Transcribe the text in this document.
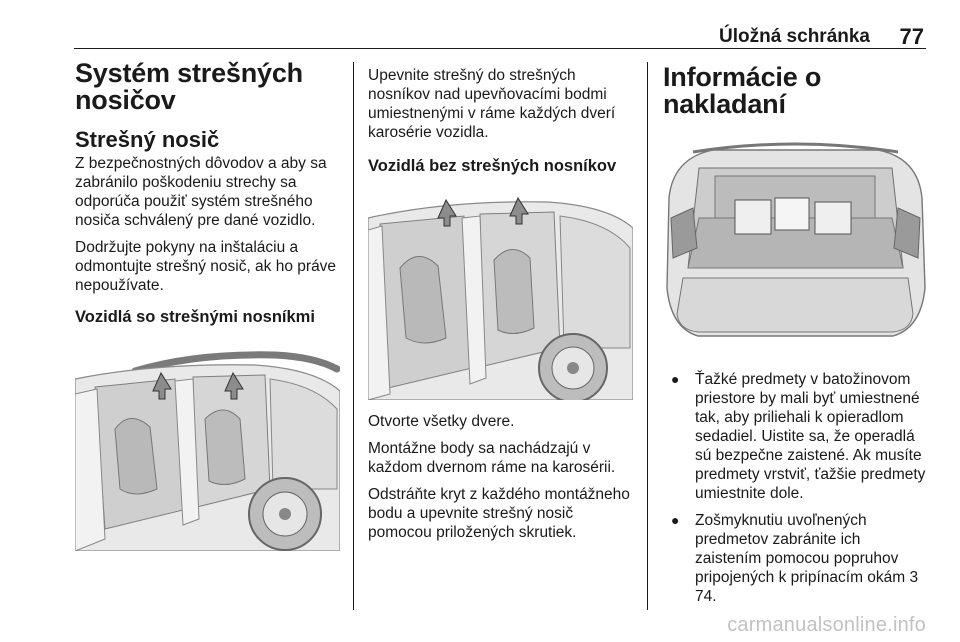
Úložná schránka 77
Systém strešných nosičov
Strešný nosič

Z bezpečnostných dôvodov a aby sa zabránilo poškodeniu strechy sa odporúča použiť systém strešného nosiča schválený pre dané vozidlo.

Dodržujte pokyny na inštaláciu a odmontujte strešný nosič, ak ho práve nepoužívate.

Vozidlá so strešnými nosníkmi

Upevnite strešný do strešných nosníkov nad upevňovacími bodmi umiestnenými v ráme každých dverí karosérie vozidla.

Vozidlá bez strešných nosníkov

Otvorte všetky dvere.

Montážne body sa nachádzajú v každom dvernom ráme na karosérii.

Odstráňte kryt z každého montážneho bodu a upevnite strešný nosič pomocou priložených skrutiek.

Informácie o nakladaní
● Ťažké predmety v batožinovom priestore by mali byť umiestnené tak, aby priliehali k opieradlom sedadiel. Uistite sa, že operadlá sú bezpečne zaistené. Ak musíte predmety vrstviť, ťažšie predmety umiestnite dole.
● Zošmyknutiu uvoľnených predmetov zabránite ich zaistením pomocou popruhov pripojených k pripínacím okám 3 74.
carmanualsonline.info
